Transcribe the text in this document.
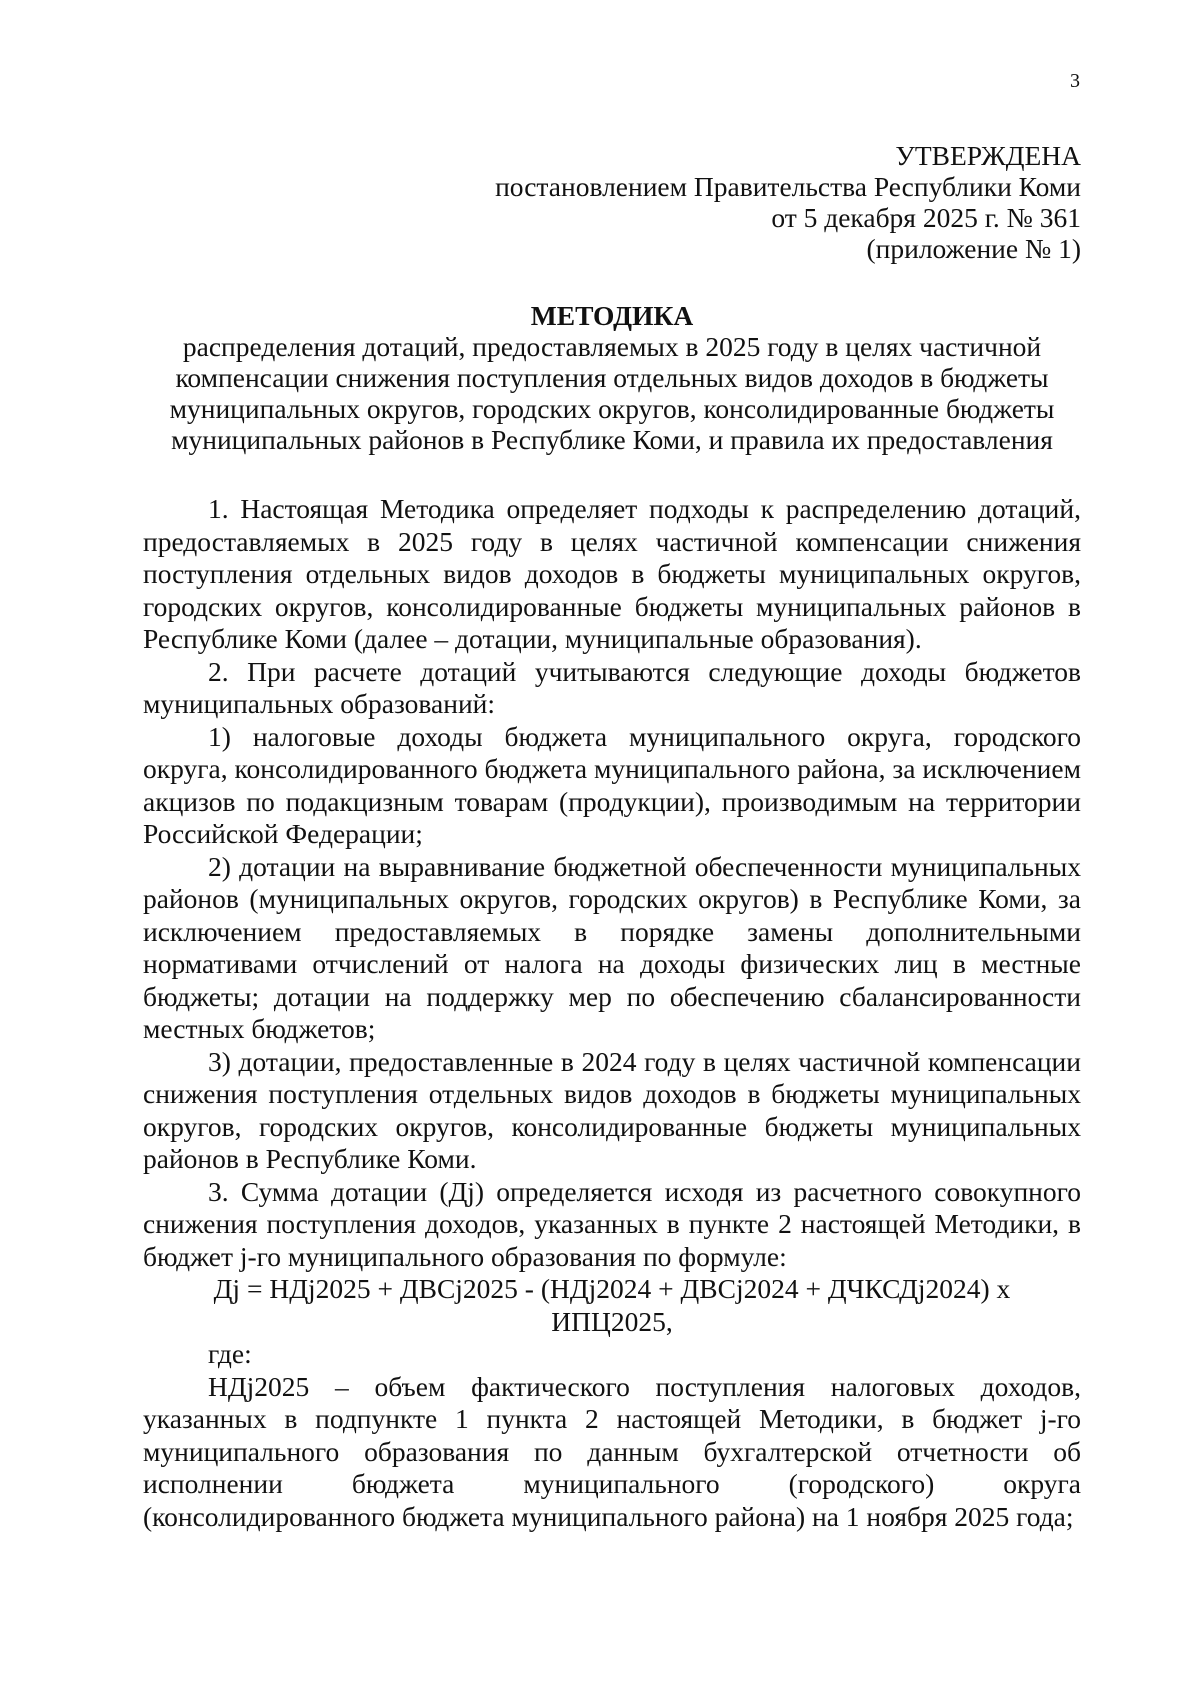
3
УТВЕРЖДЕНА
постановлением Правительства Республики Коми
от 5 декабря 2025 г. № 361
(приложение № 1)
МЕТОДИКА
распределения дотаций, предоставляемых в 2025 году в целях частичной
компенсации снижения поступления отдельных видов доходов в бюджеты
муниципальных округов, городских округов, консолидированные бюджеты
муниципальных районов в Республике Коми, и правила их предоставления

1. Настоящая Методика определяет подходы к распределению дотаций, предоставляемых в 2025 году в целях частичной компенсации снижения поступления отдельных видов доходов в бюджеты муниципальных округов, городских округов, консолидированные бюджеты муниципальных районов в Республике Коми (далее – дотации, муниципальные образования).

2. При расчете дотаций учитываются следующие доходы бюджетов муниципальных образований:

1) налоговые доходы бюджета муниципального округа, городского округа, консолидированного бюджета муниципального района, за исключением акцизов по подакцизным товарам (продукции), производимым на территории Российской Федерации;

2) дотации на выравнивание бюджетной обеспеченности муниципальных районов (муниципальных округов, городских округов) в Республике Коми, за исключением предоставляемых в порядке замены дополнительными нормативами отчислений от налога на доходы физических лиц в местные бюджеты; дотации на поддержку мер по обеспечению сбалансированности местных бюджетов;

3) дотации, предоставленные в 2024 году в целях частичной компенсации снижения поступления отдельных видов доходов в бюджеты муниципальных округов, городских округов, консолидированные бюджеты муниципальных районов в Республике Коми.

3. Сумма дотации (Дj) определяется исходя из расчетного совокупного снижения поступления доходов, указанных в пункте 2 настоящей Методики, в бюджет j-го муниципального образования по формуле:

Дj = НДj2025 + ДВСj2025 - (НДj2024 + ДВСj2024 + ДЧКСДj2024) х ИПЦ2025,

где:

НДj2025 – объем фактического поступления налоговых доходов, указанных в подпункте 1 пункта 2 настоящей Методики, в бюджет j-го муниципального образования по данным бухгалтерской отчетности об исполнении бюджета муниципального (городского) округа (консолидированного бюджета муниципального района) на 1 ноября 2025 года;
